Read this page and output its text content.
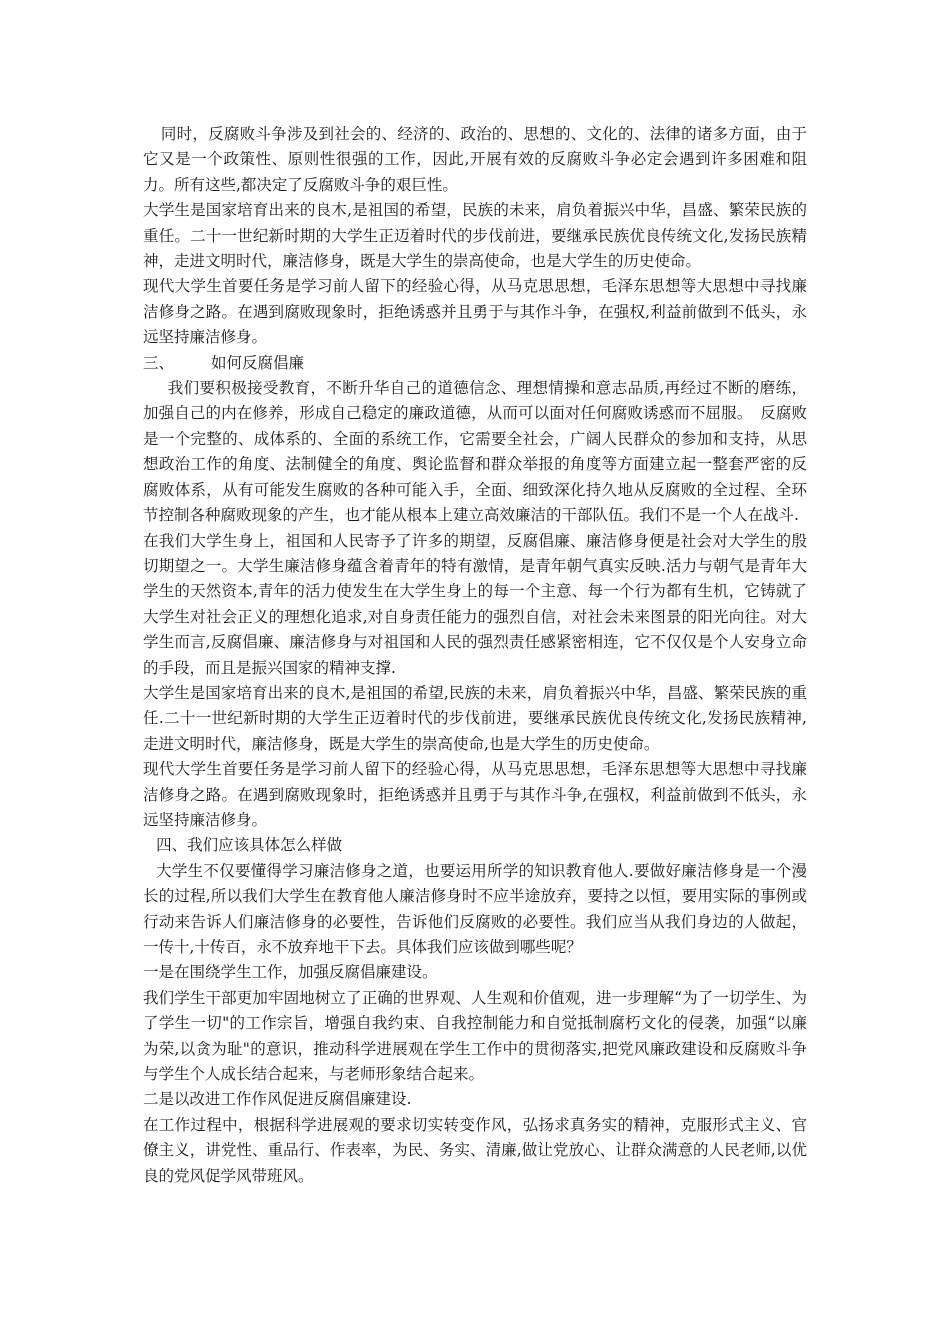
同时，反腐败斗争涉及到社会的、经济的、政治的、思想的、文化的、法律的诸多方面，由于它又是一个政策性、原则性很强的工作，因此,开展有效的反腐败斗争必定会遇到许多困难和阻力。所有这些,都决定了反腐败斗争的艰巨性。

大学生是国家培育出来的良木,是祖国的希望，民族的未来，肩负着振兴中华，昌盛、繁荣民族的重任。二十一世纪新时期的大学生正迈着时代的步伐前进，要继承民族优良传统文化,发扬民族精神，走进文明时代，廉洁修身，既是大学生的崇高使命，也是大学生的历史使命。

现代大学生首要任务是学习前人留下的经验心得，从马克思思想，毛泽东思想等大思想中寻找廉洁修身之路。在遇到腐败现象时，拒绝诱惑并且勇于与其作斗争，在强权,利益前做到不低头，永远坚持廉洁修身。

三、 如何反腐倡廉

我们要积极接受教育，不断升华自己的道德信念、理想情操和意志品质,再经过不断的磨练，加强自己的内在修养，形成自己稳定的廉政道德，从而可以面对任何腐败诱惑而不屈服。　反腐败是一个完整的、成体系的、全面的系统工作，它需要全社会，广阔人民群众的参加和支持，从思想政治工作的角度、法制健全的角度、舆论监督和群众举报的角度等方面建立起一整套严密的反腐败体系，从有可能发生腐败的各种可能入手，全面、细致深化持久地从反腐败的全过程、全环节控制各种腐败现象的产生，也才能从根本上建立高效廉洁的干部队伍。我们不是一个人在战斗.

在我们大学生身上，祖国和人民寄予了许多的期望，反腐倡廉、廉洁修身便是社会对大学生的殷切期望之一。大学生廉洁修身蕴含着青年的特有激情，是青年朝气真实反映.活力与朝气是青年大学生的天然资本,青年的活力使发生在大学生身上的每一个主意、每一个行为都有生机，它铸就了大学生对社会正义的理想化追求,对自身责任能力的强烈自信，对社会未来图景的阳光向往。对大学生而言,反腐倡廉、廉洁修身与对祖国和人民的强烈责任感紧密相连，它不仅仅是个人安身立命的手段，而且是振兴国家的精神支撑.

大学生是国家培育出来的良木,是祖国的希望,民族的未来，肩负着振兴中华，昌盛、繁荣民族的重任.二十一世纪新时期的大学生正迈着时代的步伐前进，要继承民族优良传统文化,发扬民族精神,走进文明时代，廉洁修身，既是大学生的崇高使命,也是大学生的历史使命。

现代大学生首要任务是学习前人留下的经验心得，从马克思思想，毛泽东思想等大思想中寻找廉洁修身之路。在遇到腐败现象时，拒绝诱惑并且勇于与其作斗争,在强权，利益前做到不低头，永远坚持廉洁修身。

四、我们应该具体怎么样做

大学生不仅要懂得学习廉洁修身之道，也要运用所学的知识教育他人.要做好廉洁修身是一个漫长的过程,所以我们大学生在教育他人廉洁修身时不应半途放弃，要持之以恒，要用实际的事例或行动来告诉人们廉洁修身的必要性，告诉他们反腐败的必要性。我们应当从我们身边的人做起，一传十,十传百，永不放弃地干下去。具体我们应该做到哪些呢？

一是在围绕学生工作，加强反腐倡廉建设。

我们学生干部更加牢固地树立了正确的世界观、人生观和价值观，进一步理解“为了一切学生、为了学生一切"的工作宗旨，增强自我约束、自我控制能力和自觉抵制腐朽文化的侵袭，加强“以廉为荣,以贪为耻"的意识，推动科学进展观在学生工作中的贯彻落实,把党风廉政建设和反腐败斗争与学生个人成长结合起来，与老师形象结合起来。

二是以改进工作作风促进反腐倡廉建设.

在工作过程中，根据科学进展观的要求切实转变作风，弘扬求真务实的精神，克服形式主义、官僚主义，讲党性、重品行、作表率，为民、务实、清廉,做让党放心、让群众满意的人民老师,以优良的党风促学风带班风。
